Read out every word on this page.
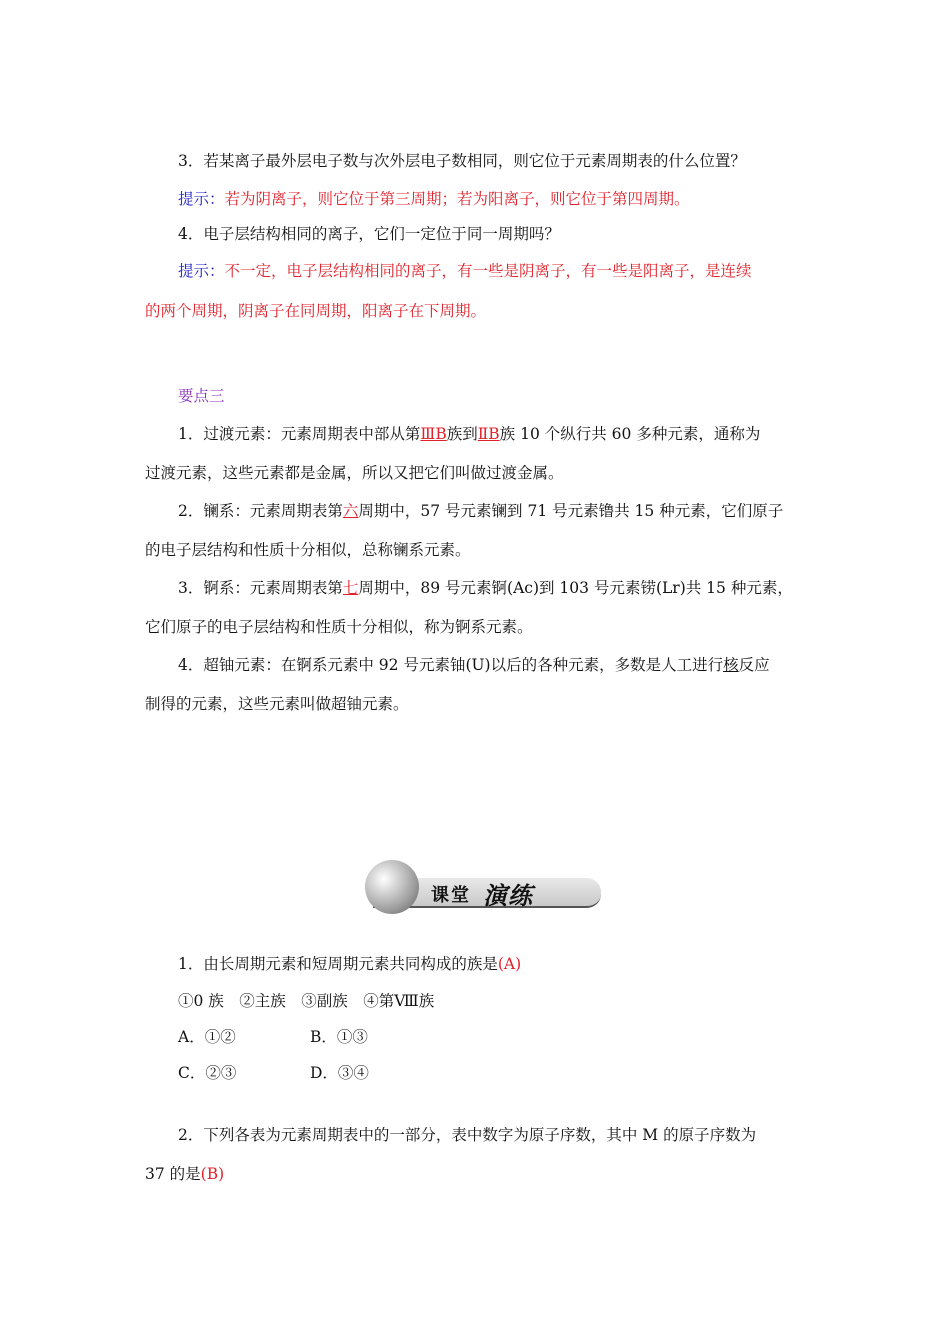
3．若某离子最外层电子数与次外层电子数相同，则它位于元素周期表的什么位置？
提示：若为阴离子，则它位于第三周期；若为阳离子，则它位于第四周期。
4．电子层结构相同的离子，它们一定位于同一周期吗？
提示：不一定，电子层结构相同的离子，有一些是阴离子，有一些是阳离子，是连续
的两个周期，阴离子在同周期，阳离子在下周期。
要点三
1．过渡元素：元素周期表中部从第ⅢB族到ⅡB族 10 个纵行共 60 多种元素，通称为
过渡元素，这些元素都是金属，所以又把它们叫做过渡金属。
2．镧系：元素周期表第六周期中，57 号元素镧到 71 号元素镥共 15 种元素，它们原子
的电子层结构和性质十分相似，总称镧系元素。
3．锕系：元素周期表第七周期中，89 号元素锕(Ac)到 103 号元素铹(Lr)共 15 种元素，
它们原子的电子层结构和性质十分相似，称为锕系元素。
4．超铀元素：在锕系元素中 92 号元素铀(U)以后的各种元素，多数是人工进行核反应
制得的元素，这些元素叫做超铀元素。
课堂 演练
1．由长周期元素和短周期元素共同构成的族是(A)
①0 族　②主族　③副族　④第Ⅷ族
A．①②	B．①③
C．②③	D．③④
2．下列各表为元素周期表中的一部分，表中数字为原子序数，其中 M 的原子序数为
37 的是(B)
